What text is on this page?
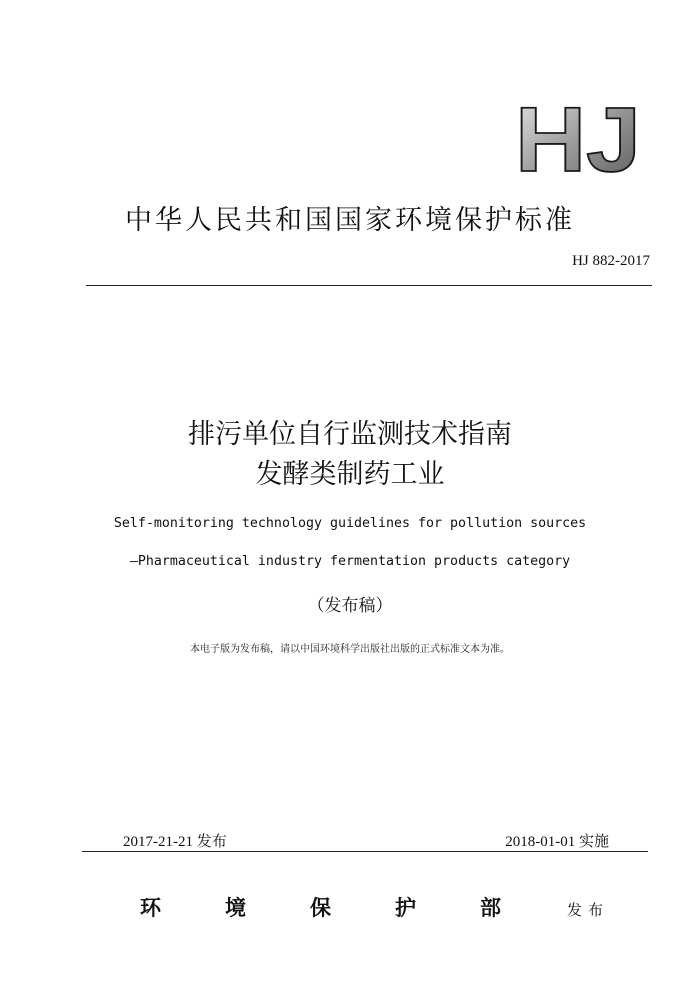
HJ
中华人民共和国国家环境保护标准
HJ 882-2017
排污单位自行监测技术指南
发酵类制药工业
Self-monitoring technology guidelines for pollution sources
—Pharmaceutical industry fermentation products category
（发布稿）
本电子版为发布稿，请以中国环境科学出版社出版的正式标准文本为准。
2017-21-21 发布	2018-01-01 实施
环	境	保	护	部	发布
